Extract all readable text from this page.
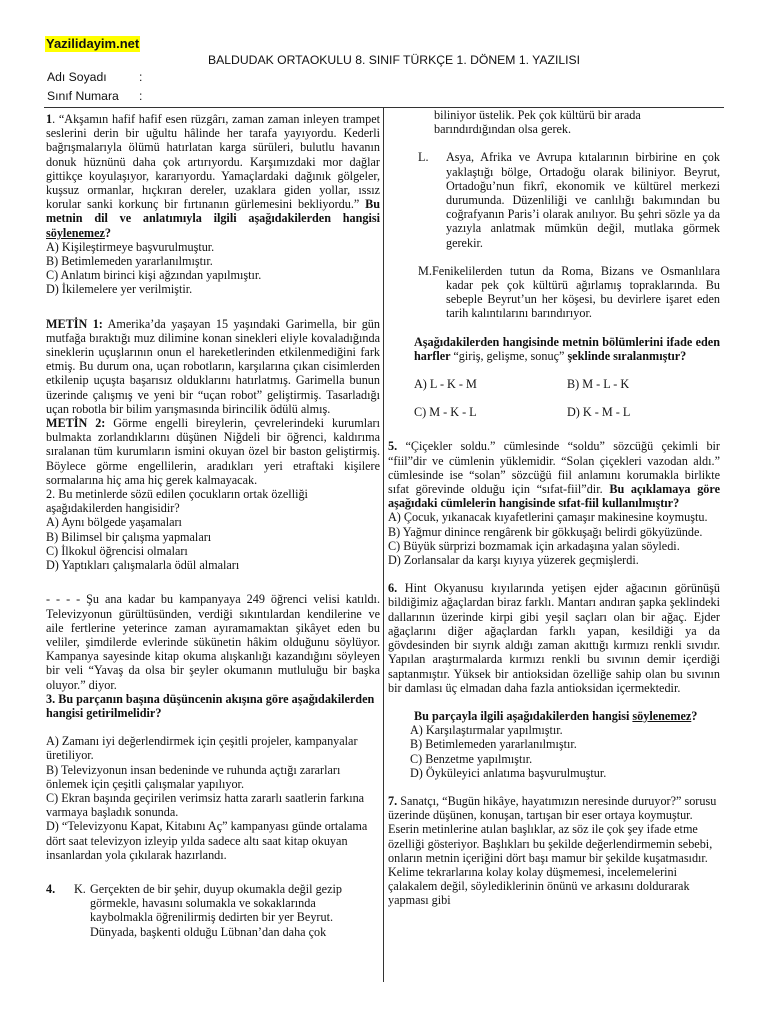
Yazilidayim.net
BALDUDAK ORTAOKULU 8. SINIF TÜRKÇE 1. DÖNEM 1. YAZILISI
Adı Soyadı	:
Sınıf Numara :

1. “Akşamın hafif hafif esen rüzgârı, zaman zaman inleyen trampet seslerini derin bir uğultu hâlinde her tarafa yayıyordu. Kederli bağrışmalarıyla ölümü hatırlatan karga sürüleri, bulutlu havanın donuk hüznünü daha çok artırıyordu. Karşımızdaki mor dağlar gittikçe koyulaşıyor, kararıyordu. Yamaçlardaki dağınık gölgeler, kuşsuz ormanlar, hıçkıran dereler, uzaklara giden yollar, ıssız korular sanki korkunç bir fırtınanın gürlemesini bekliyordu.” Bu metnin dil ve anlatımıyla ilgili aşağıdakilerden hangisi söylenemez?

A) Kişileştirmeye başvurulmuştur.

B) Betimlemeden yararlanılmıştır.

C) Anlatım birinci kişi ağzından yapılmıştır.

D) İkilemelere yer verilmiştir.

METİN 1: Amerika’da yaşayan 15 yaşındaki Garimella, bir gün mutfağa bıraktığı muz dilimine konan sinekleri eliyle kovaladığında sineklerin uçuşlarının onun el hareketlerinden etkilenmediğini fark etmiş. Bu durum ona, uçan robotların, karşılarına çıkan cisimlerden etkilenip uçuşta başarısız olduklarını hatırlatmış. Garimella bunun üzerinde çalışmış ve yeni bir “uçan robot” geliştirmiş. Tasarladığı uçan robotla bir bilim yarışmasında birincilik ödülü almış.

METİN 2: Görme engelli bireylerin, çevrelerindeki kurumları bulmakta zorlandıklarını düşünen Niğdeli bir öğrenci, kaldırıma sıralanan tüm kurumların ismini okuyan özel bir baston geliştirmiş. Böylece görme engellilerin, aradıkları yeri etraftaki kişilere sormalarına hiç ama hiç gerek kalmayacak.

2. Bu metinlerde sözü edilen çocukların ortak özelliği aşağıdakilerden hangisidir?

A) Aynı bölgede yaşamaları

B) Bilimsel bir çalışma yapmaları

C) İlkokul öğrencisi olmaları

D) Yaptıkları çalışmalarla ödül almaları

- - - - Şu ana kadar bu kampanyaya 249 öğrenci velisi katıldı. Televizyonun gürültüsünden, verdiği sıkıntılardan kendilerine ve aile fertlerine yeterince zaman ayıramamaktan şikâyet eden bu veliler, şimdilerde evlerinde sükünetin hâkim olduğunu söylüyor. Kampanya sayesinde kitap okuma alışkanlığı kazandığını söyleyen bir veli “Yavaş da olsa bir şeyler okumanın mutluluğu bir başka oluyor.” diyor.

3. Bu parçanın başına düşüncenin akışına göre aşağıdakilerden hangisi getirilmelidir?

A) Zamanı iyi değerlendirmek için çeşitli projeler, kampanyalar üretiliyor.

B) Televizyonun insan bedeninde ve ruhunda açtığı zararları önlemek için çeşitli çalışmalar yapılıyor.

C) Ekran başında geçirilen verimsiz hatta zararlı saatlerin farkına varmaya başladık sonunda.

D) “Televizyonu Kapat, Kitabını Aç” kampanyası günde ortalama dört saat televizyon izleyip yılda sadece altı saat kitap okuyan insanlardan yola çıkılarak hazırlandı.

4.	K. Gerçekten de bir şehir, duyup okumakla değil gezip

görmekle, havasını solumakla ve sokaklarında kaybolmakla öğrenilirmiş dedirten bir yer Beyrut. Dünyada, başkenti olduğu Lübnan’dan daha çok

biliniyor üstelik. Pek çok kültürü bir arada barındırdığından olsa gerek.

L.	Asya, Afrika ve Avrupa kıtalarının birbirine en çok yaklaştığı bölge, Ortadoğu olarak biliniyor. Beyrut, Ortadoğu’nun fikrî, ekonomik ve kültürel merkezi durumunda. Düzenliliği ve canlılığı bakımından bu coğrafyanın Paris’i olarak anılıyor. Bu şehri sözle ya da yazıyla anlatmak mümkün değil, mutlaka görmek gerekir.
M. Fenikelilerden tutun da Roma, Bizans ve Osmanlılara kadar pek çok kültürü ağırlamış topraklarında. Bu sebeple Beyrut’un her köşesi, bu devirlere işaret eden tarih kalıntılarını barındırıyor.

Aşağıdakilerden hangisinde metnin bölümlerini ifade eden harfler “giriş, gelişme, sonuç” şeklinde sıralanmıştır?

A) L - K - M	B) M - L - K
C) M - K - L	D) K - M - L

5. “Çiçekler soldu.” cümlesinde “soldu” sözcüğü çekimli bir “fiil”dir ve cümlenin yüklemidir. “Solan çiçekleri vazodan aldı.” cümlesinde ise “solan” sözcüğü fiil anlamını korumakla birlikte sıfat görevinde olduğu için “sıfat-fiil”dir. Bu açıklamaya göre aşağıdaki cümlelerin hangisinde sıfat-fiil kullanılmıştır?

A) Çocuk, yıkanacak kıyafetlerini çamaşır makinesine koymuştu.

B) Yağmur dinince rengârenk bir gökkuşağı belirdi gökyüzünde.

C) Büyük sürprizi bozmamak için arkadaşına yalan söyledi.

D) Zorlansalar da karşı kıyıya yüzerek geçmişlerdi.

6. Hint Okyanusu kıyılarında yetişen ejder ağacının görünüşü bildiğimiz ağaçlardan biraz farklı. Mantarı andıran şapka şeklindeki dallarının üzerinde kirpi gibi yeşil saçları olan bir ağaç. Ejder ağaçlarını diğer ağaçlardan farklı yapan, kesildiği ya da gövdesinden bir sıyrık aldığı zaman akıttığı kırmızı renkli sıvıdır. Yapılan araştırmalarda kırmızı renkli bu sıvının demir içerdiği saptanmıştır. Yüksek bir antioksidan özelliğe sahip olan bu sıvının bir damlası üç elmadan daha fazla antioksidan içermektedir.

Bu parçayla ilgili aşağıdakilerden hangisi söylenemez?

A) Karşılaştırmalar yapılmıştır.

B) Betimlemeden yararlanılmıştır.

C) Benzetme yapılmıştır.

D) Öyküleyici anlatıma başvurulmuştur.

7. Sanatçı, “Bugün hikâye, hayatımızın neresinde duruyor?” sorusu üzerinde düşünen, konuşan, tartışan bir eser ortaya koymuştur. Eserin metinlerine atılan başlıklar, az söz ile çok şey ifade etme özelliği gösteriyor. Başlıkları bu şekilde değerlendirmemin sebebi, onların metnin içeriğini dört başı mamur bir şekilde kuşatmasıdır. Kelime tekrarlarına kolay kolay düşmemesi, incelemelerini çalakalem değil, söylediklerinin önünü ve arkasını doldurarak yapması gibi
